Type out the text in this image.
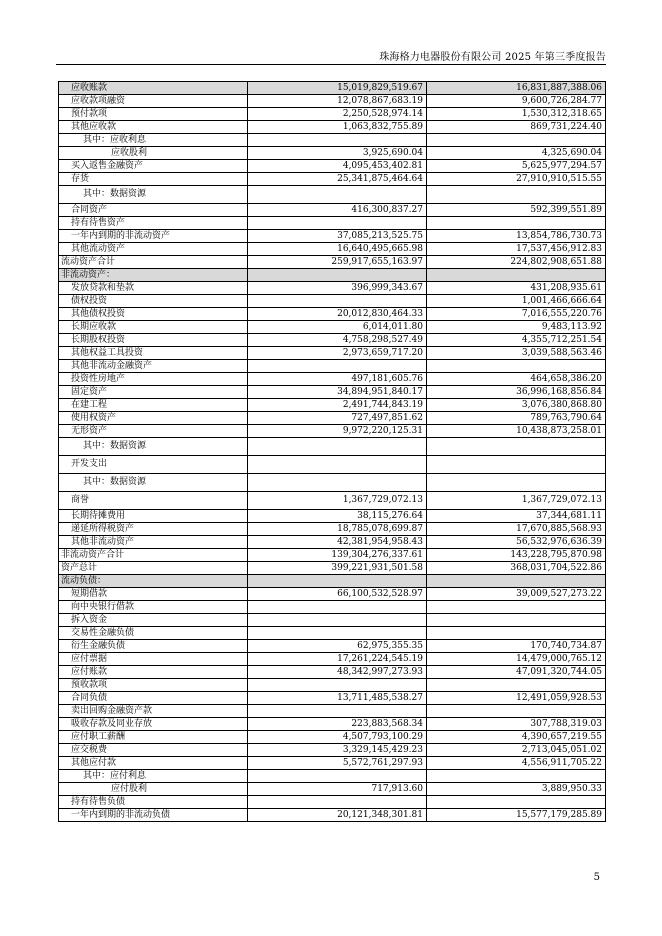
珠海格力电器股份有限公司 2025 年第三季度报告
应收账款	15,019,829,519.67	16,831,887,388.06
应收款项融资	12,078,867,683.19	9,600,726,284.77
预付款项	2,250,528,974.14	1,530,312,318.65
其他应收款	1,063,832,755.89	869,731,224.40
其中：应收利息		
应收股利	3,925,690.04	4,325,690.04
买入返售金融资产	4,095,453,402.81	5,625,977,294.57
存货	25,341,875,464.64	27,910,910,515.55
其中：数据资源		
合同资产	416,300,837.27	592,399,551.89
持有待售资产		
一年内到期的非流动资产	37,085,213,525.75	13,854,786,730.73
其他流动资产	16,640,495,665.98	17,537,456,912.83
流动资产合计	259,917,655,163.97	224,802,908,651.88
非流动资产：		
发放贷款和垫款	396,999,343.67	431,208,935.61
债权投资		1,001,466,666.64
其他债权投资	20,012,830,464.33	7,016,555,220.76
长期应收款	6,014,011.80	9,483,113.92
长期股权投资	4,758,298,527.49	4,355,712,251.54
其他权益工具投资	2,973,659,717.20	3,039,588,563.46
其他非流动金融资产		
投资性房地产	497,181,605.76	464,658,386.20
固定资产	34,894,951,840.17	36,996,168,856.84
在建工程	2,491,744,843.19	3,076,380,868.80
使用权资产	727,497,851.62	789,763,790.64
无形资产	9,972,220,125.31	10,438,873,258.01
其中：数据资源		
开发支出		
其中：数据资源		
商誉	1,367,729,072.13	1,367,729,072.13
长期待摊费用	38,115,276.64	37,344,681.11
递延所得税资产	18,785,078,699.87	17,670,885,568.93
其他非流动资产	42,381,954,958.43	56,532,976,636.39
非流动资产合计	139,304,276,337.61	143,228,795,870.98
资产总计	399,221,931,501.58	368,031,704,522.86
流动负债：		
短期借款	66,100,532,528.97	39,009,527,273.22
向中央银行借款		
拆入资金		
交易性金融负债		
衍生金融负债	62,975,355.35	170,740,734.87
应付票据	17,261,224,545.19	14,479,000,765.12
应付账款	48,342,997,273.93	47,091,320,744.05
预收款项		
合同负债	13,711,485,538.27	12,491,059,928.53
卖出回购金融资产款		
吸收存款及同业存放	223,883,568.34	307,788,319.03
应付职工薪酬	4,507,793,100.29	4,390,657,219.55
应交税费	3,329,145,429.23	2,713,045,051.02
其他应付款	5,572,761,297.93	4,556,911,705.22
其中：应付利息		
应付股利	717,913.60	3,889,950.33
持有待售负债		
一年内到期的非流动负债	20,121,348,301.81	15,577,179,285.89
5
